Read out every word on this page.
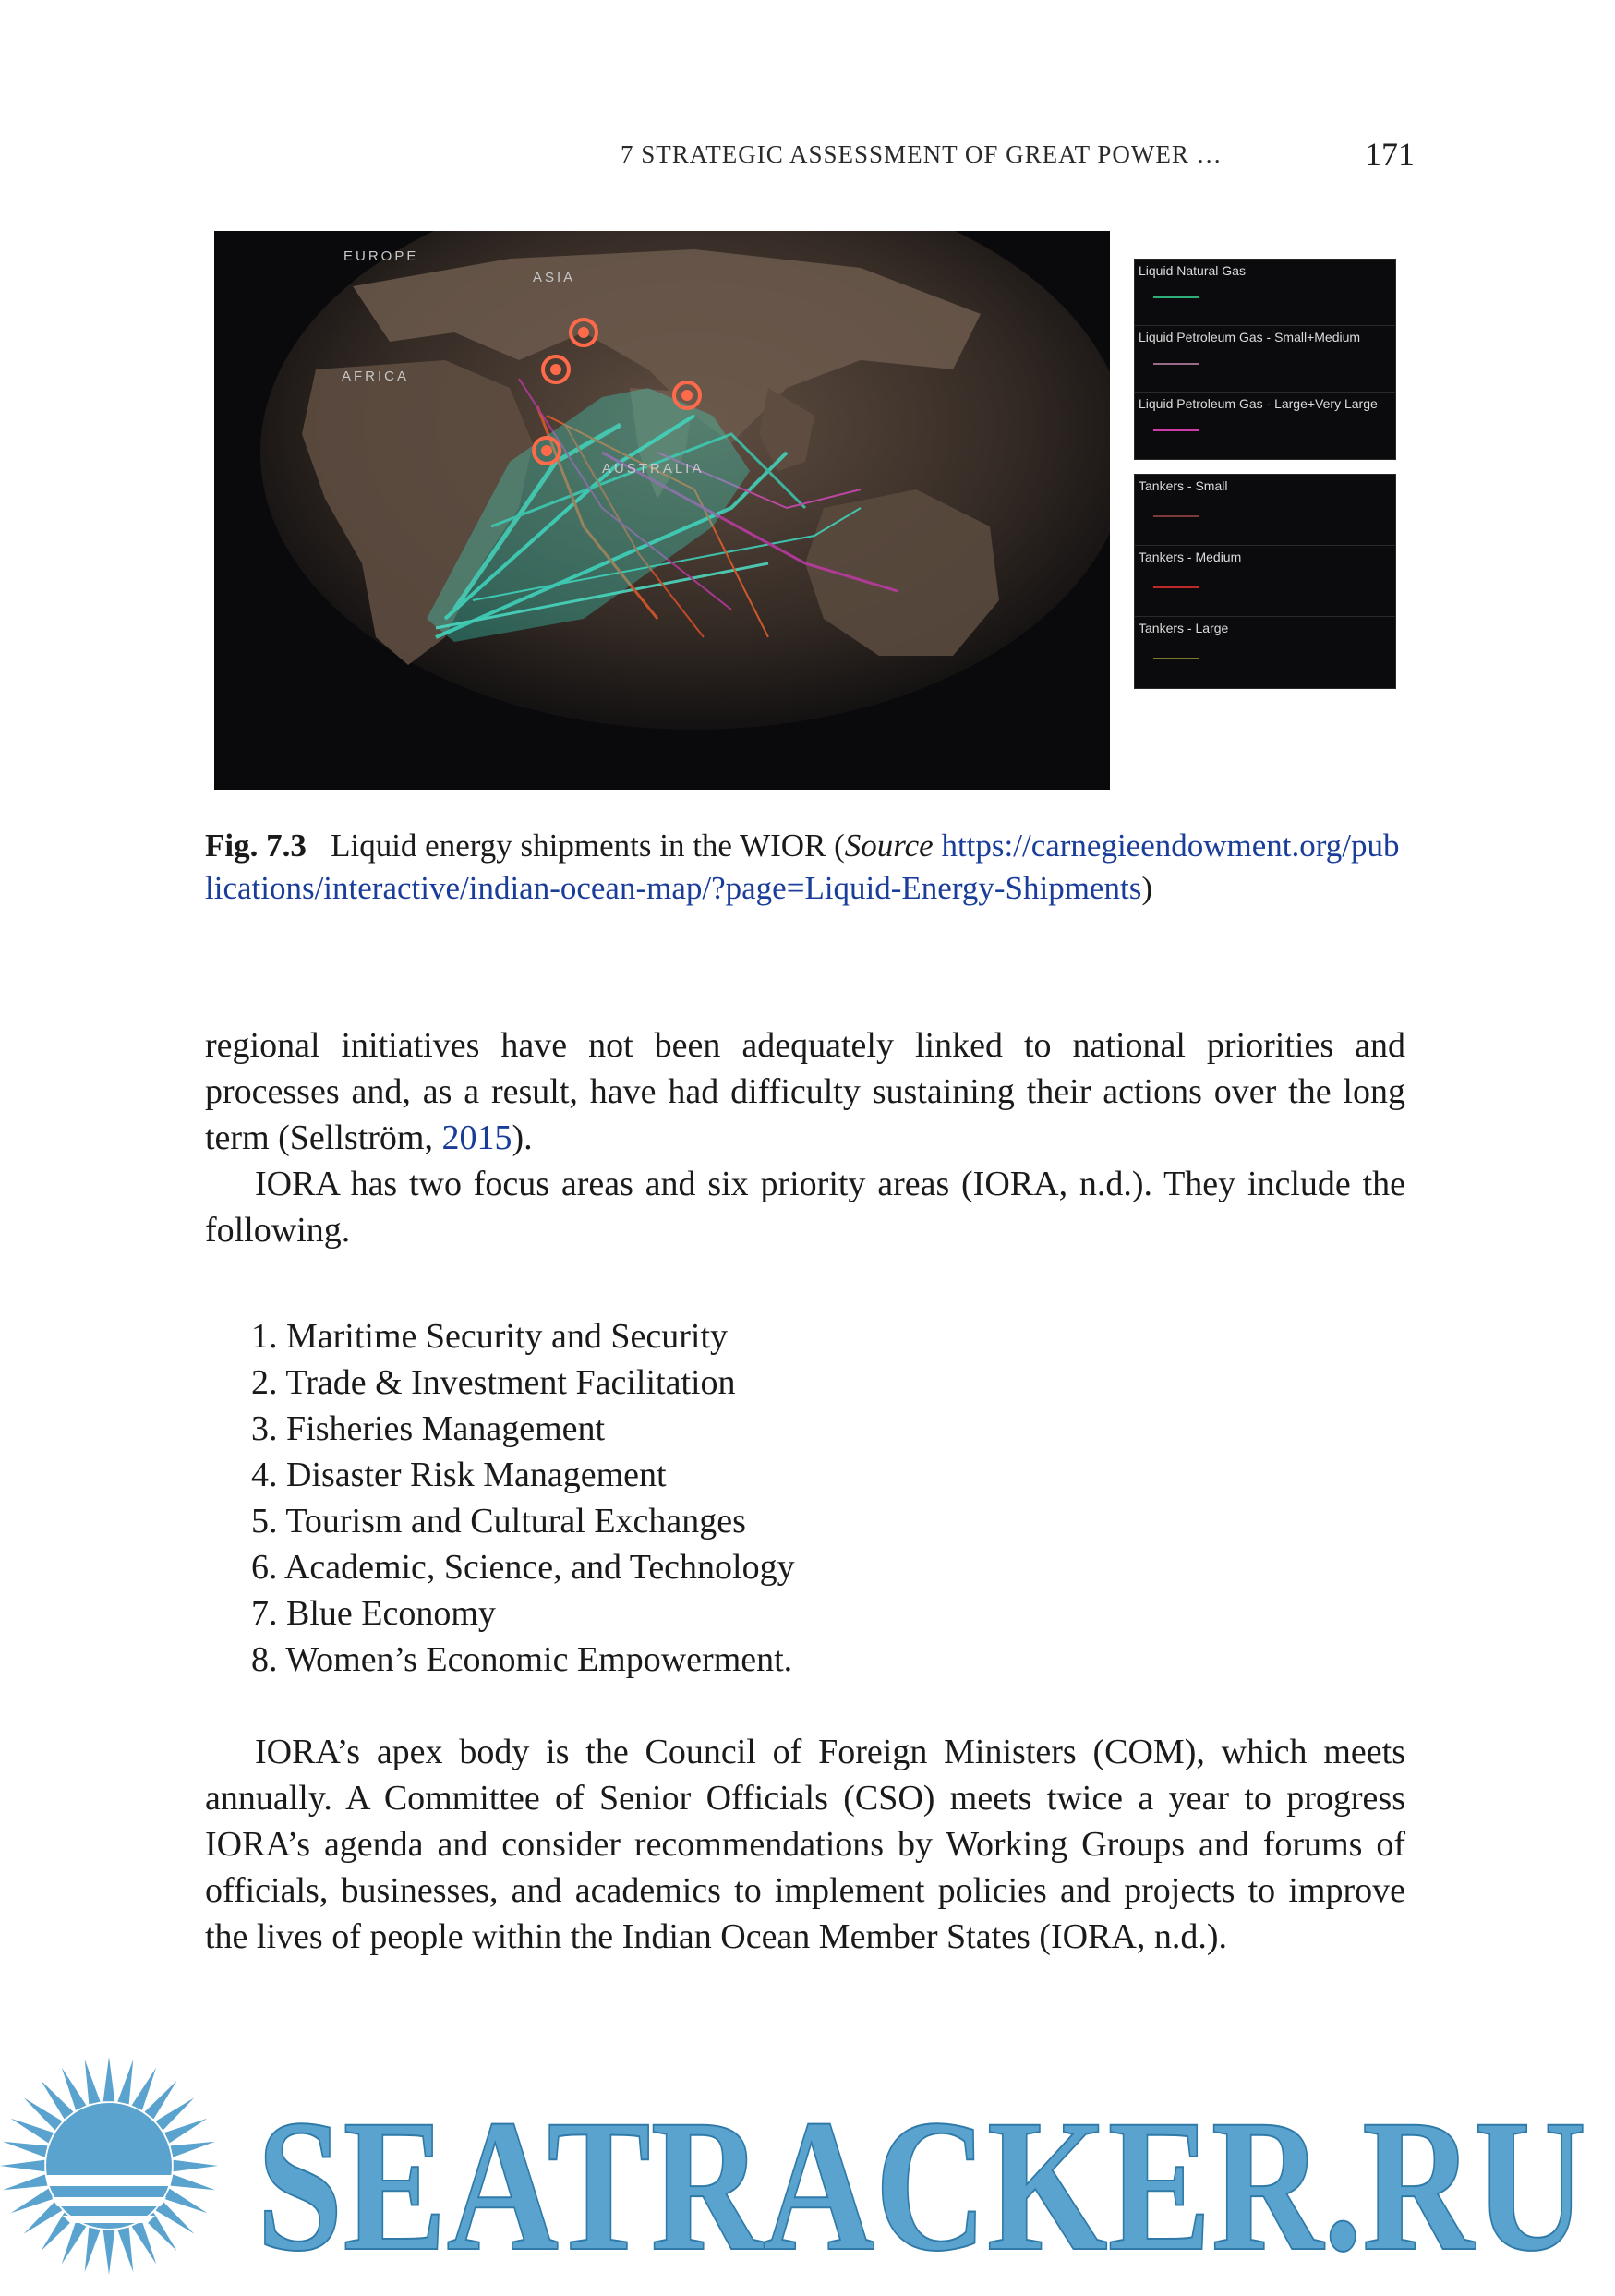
7 STRATEGIC ASSESSMENT OF GREAT POWER …	171
EUROPE
ASIA
AFRICA
AUSTRALIA
Liquid Natural Gas
Liquid Petroleum Gas - Small+Medium
Liquid Petroleum Gas - Large+Very Large
Tankers - Small
Tankers - Medium
Tankers - Large
Fig. 7.3 Liquid energy shipments in the WIOR (Source https://carnegieendowment.org/publications/interactive/indian-ocean-map/?page=Liquid-Energy-Shipments)

regional initiatives have not been adequately linked to national priorities and processes and, as a result, have had difficulty sustaining their actions over the long term (Sellström, 2015).

IORA has two focus areas and six priority areas (IORA, n.d.). They include the following.

1. Maritime Security and Security
2. Trade & Investment Facilitation
3. Fisheries Management
4. Disaster Risk Management
5. Tourism and Cultural Exchanges
6. Academic, Science, and Technology
7. Blue Economy
8. Women’s Economic Empowerment.

IORA’s apex body is the Council of Foreign Ministers (COM), which meets annually. A Committee of Senior Officials (CSO) meets twice a year to progress IORA’s agenda and consider recommendations by Working Groups and forums of officials, businesses, and academics to implement policies and projects to improve the lives of people within the Indian Ocean Member States (IORA, n.d.).

SEATRACKER.RU
